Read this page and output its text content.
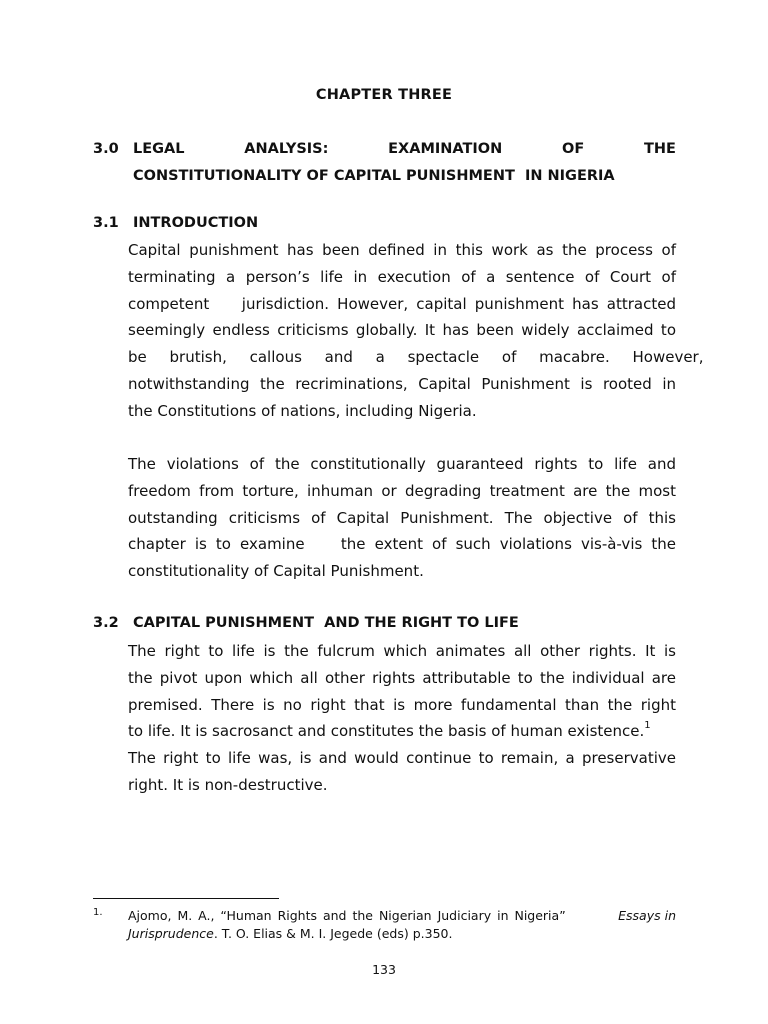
CHAPTER THREE
3.0 LEGAL	ANALYSIS:	EXAMINATION	OF	THE
CONSTITUTIONALITY OF CAPITAL PUNISHMENT  IN NIGERIA
3.1 INTRODUCTION
Capital punishment has been defined in this work as the process of
terminating a person’s life in execution of a sentence of Court of
competent    jurisdiction. However, capital punishment has attracted
seemingly endless criticisms globally. It has been widely acclaimed to
be brutish, callous and a spectacle of macabre. However,
notwithstanding the recriminations, Capital Punishment is rooted in
the Constitutions of nations, including Nigeria.
The violations of the constitutionally guaranteed rights to life and
freedom from torture, inhuman or degrading treatment are the most
outstanding criticisms of Capital Punishment. The objective of this
chapter is to examine    the extent of such violations vis-à-vis the
constitutionality of Capital Punishment.
3.2 CAPITAL PUNISHMENT  AND THE RIGHT TO LIFE
The right to life is the fulcrum which animates all other rights. It is
the pivot upon which all other rights attributable to the individual are
premised. There is no right that is more fundamental than the right
to life. It is sacrosanct and constitutes the basis of human existence.$^1$
The right to life was, is and would continue to remain, a preservative
right. It is non-destructive.
1. Ajomo, M. A., “Human Rights and the Nigerian Judiciary in Nigeria”	Essays in
Jurisprudence. T. O. Elias & M. I. Jegede (eds) p.350.
133
